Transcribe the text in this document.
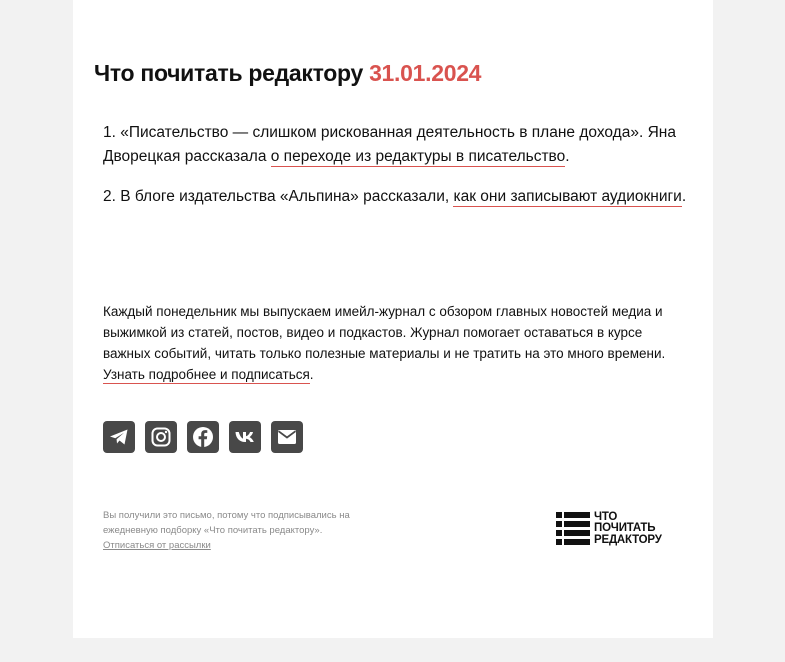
Что почитать редактору 31.01.2024

1. «Писательство — слишком рискованная деятельность в плане дохода». Яна Дворецкая рассказала о переходе из редактуры в писательство.

2. В блоге издательства «Альпина» рассказали, как они записывают аудиокниги.

Каждый понедельник мы выпускаем имейл-журнал с обзором главных новостей медиа и выжимкой из статей, постов, видео и подкастов. Журнал помогает оставаться в курсе важных событий, читать только полезные материалы и не тратить на это много времени. Узнать подробнее и подписаться.

Вы получили это письмо, потому что подписывались на ежедневную подборку «Что почитать редактору».
Отписаться от рассылки
ЧТО
ПОЧИТАТЬ
РЕДАКТОРУ
